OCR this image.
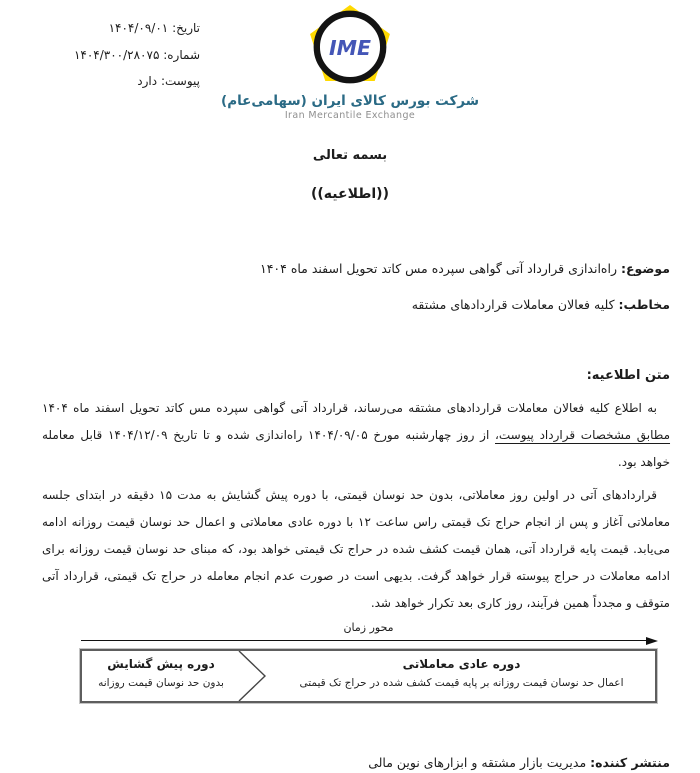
تاریخ: ۱۴۰۴/۰۹/۰۱
شماره: ۱۴۰۴/۳۰۰/۲۸۰۷۵
پیوست: دارد
IME
شرکت بورس کالای ایران (سهامی‌عام)
Iran Mercantile Exchange
بسمه تعالی
((اطلاعیه))
موضوع: راه‌اندازی قرارداد آتی گواهی سپرده مس کاتد تحویل اسفند ماه ۱۴۰۴
مخاطب: کلیه فعالان معاملات قراردادهای مشتقه
متن اطلاعیه:

به اطلاع کلیه فعالان معاملات قراردادهای مشتقه می‌رساند، قرارداد آتی گواهی سپرده مس کاتد تحویل اسفند ماه ۱۴۰۴ مطابق مشخصات قرارداد پیوست، از روز چهارشنبه مورخ ۱۴۰۴/۰۹/۰۵ راه‌اندازی شده و تا تاریخ ۱۴۰۴/۱۲/۰۹ قابل معامله خواهد بود.

قراردادهای آتی در اولین روز معاملاتی، بدون حد نوسان قیمتی، با دوره پیش گشایش به مدت ۱۵ دقیقه در ابتدای جلسه معاملاتی آغاز و پس از انجام حراج تک قیمتی راس ساعت ۱۲ با دوره عادی معاملاتی و اعمال حد نوسان قیمت روزانه ادامه می‌یابد. قیمت پایه قرارداد آتی، همان قیمت کشف شده در حراج تک قیمتی خواهد بود، که مبنای حد نوسان قیمت روزانه برای ادامه معاملات در حراج پیوسته قرار خواهد گرفت. بدیهی است در صورت عدم انجام معامله در حراج تک قیمتی، قرارداد آتی متوقف و مجدداً همین فرآیند، روز کاری بعد تکرار خواهد شد.

محور زمان
دوره پیش گشایش
بدون حد نوسان قیمت روزانه
دوره عادی معاملاتی
اعمال حد نوسان قیمت روزانه بر پایه قیمت کشف شده در حراج تک قیمتی
منتشر کننده: مدیریت بازار مشتقه و ابزارهای نوین مالی
